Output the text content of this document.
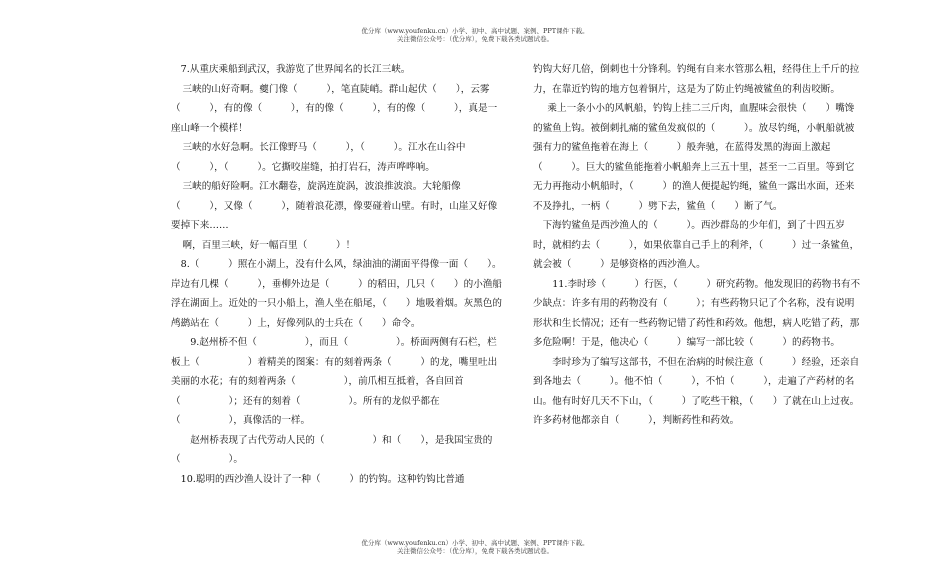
优分库（www.youfenku.cn）小学、初中、高中试题、案例、PPT课件下载。
关注微信公众号：（优分库），免费下载各类试题试卷。

7.从重庆乘船到武汉，我游览了世界闻名的长江三峡。

三峡的山好奇啊。夔门像（　　　），笔直陡峭。群山起伏（　　），云雾（　　　），有的像（　　　），有的像（　　　），有的像（　　　），真是一座山峰一个模样！

三峡的水好急啊。长江像野马（　　　），（　　　）。江水在山谷中（　　　），（　　　）。它撕咬崖缝，拍打岩石，涛声哗哗响。

三峡的船好险啊。江水翻卷，旋涡连旋涡，波浪推波浪。大轮船像（　　　），又像（　　　），随着浪花漂，像要碰着山壁。有时，山崖又好像要掉下来……

啊，百里三峡，好一幅百里（　　　）！

8.（　　　）照在小湖上，没有什么风，绿油油的湖面平得像一面（　　）。岸边有几棵（　　　），垂柳外边是（　　　）的稻田，几只（　　）的小渔船浮在湖面上。近处的一只小船上，渔人坐在船尾，（　　）地吸着烟。灰黑色的鸬鹚站在（　　　）上，好像列队的士兵在（　　）命令。

9.赵州桥不但（　　　　　），而且（　　　　　）。桥面两侧有石栏，栏板上（　　　　　）着精美的图案：有的刻着两条（　　　）的龙，嘴里吐出美丽的水花；有的刻着两条（　　　　　），前爪相互抵着，各自回首（　　　　　）；还有的刻着（　　　　　）。所有的龙似乎都在（　　　　　），真像活的一样。

赵州桥表现了古代劳动人民的（　　　　　）和（　　），是我国宝贵的（　　　　　）。

10.聪明的西沙渔人设计了一种（　　　）的钓钩。这种钓钩比普通

钓钩大好几倍，倒刺也十分锋利。钓绳有自来水管那么粗，经得住上千斤的拉力，在靠近钓钩的地方包着铜片，这是为了防止钓绳被鲨鱼的利齿咬断。

乘上一条小小的风帆船，钓钩上挂二三斤肉，血腥味会很快（　　）嘴馋的鲨鱼上钩。被倒刺扎痛的鲨鱼发疯似的（　　　）。放尽钓绳，小帆船就被强有力的鲨鱼拖着在海上（　　　）般奔驰，在蓝得发黑的海面上激起（　　　）。巨大的鲨鱼能拖着小帆船奔上三五十里，甚至一二百里。等到它无力再拖动小帆船时，（　　　）的渔人便提起钓绳，鲨鱼一露出水面，还来不及挣扎，一柄（　　　）劈下去，鲨鱼（　　）断了气。

下海钓鲨鱼是西沙渔人的（　　　）。西沙群岛的少年们，到了十四五岁时，就相约去（　　　），如果依靠自己手上的利斧，（　　　）过一条鲨鱼，就会被（　　　）是够资格的西沙渔人。

11.李时珍（　　　）行医，（　　　）研究药物。他发现旧的药物书有不少缺点：许多有用的药物没有（　　　）；有些药物只记了个名称，没有说明形状和生长情况；还有一些药物记错了药性和药效。他想，病人吃错了药，那多危险啊！于是，他决心（　　　）编写一部比较（　　　）的药物书。

李时珍为了编写这部书，不但在治病的时候注意（　　　）经验，还亲自到各地去（　　　）。他不怕（　　　），不怕（　　　），走遍了产药材的名山。他有时好几天不下山，（　　　）了吃些干粮，（　　）了就在山上过夜。许多药材他都亲自（　　　），判断药性和药效。

优分库（www.youfenku.cn）小学、初中、高中试题、案例、PPT课件下载。
关注微信公众号：（优分库），免费下载各类试题试卷。
